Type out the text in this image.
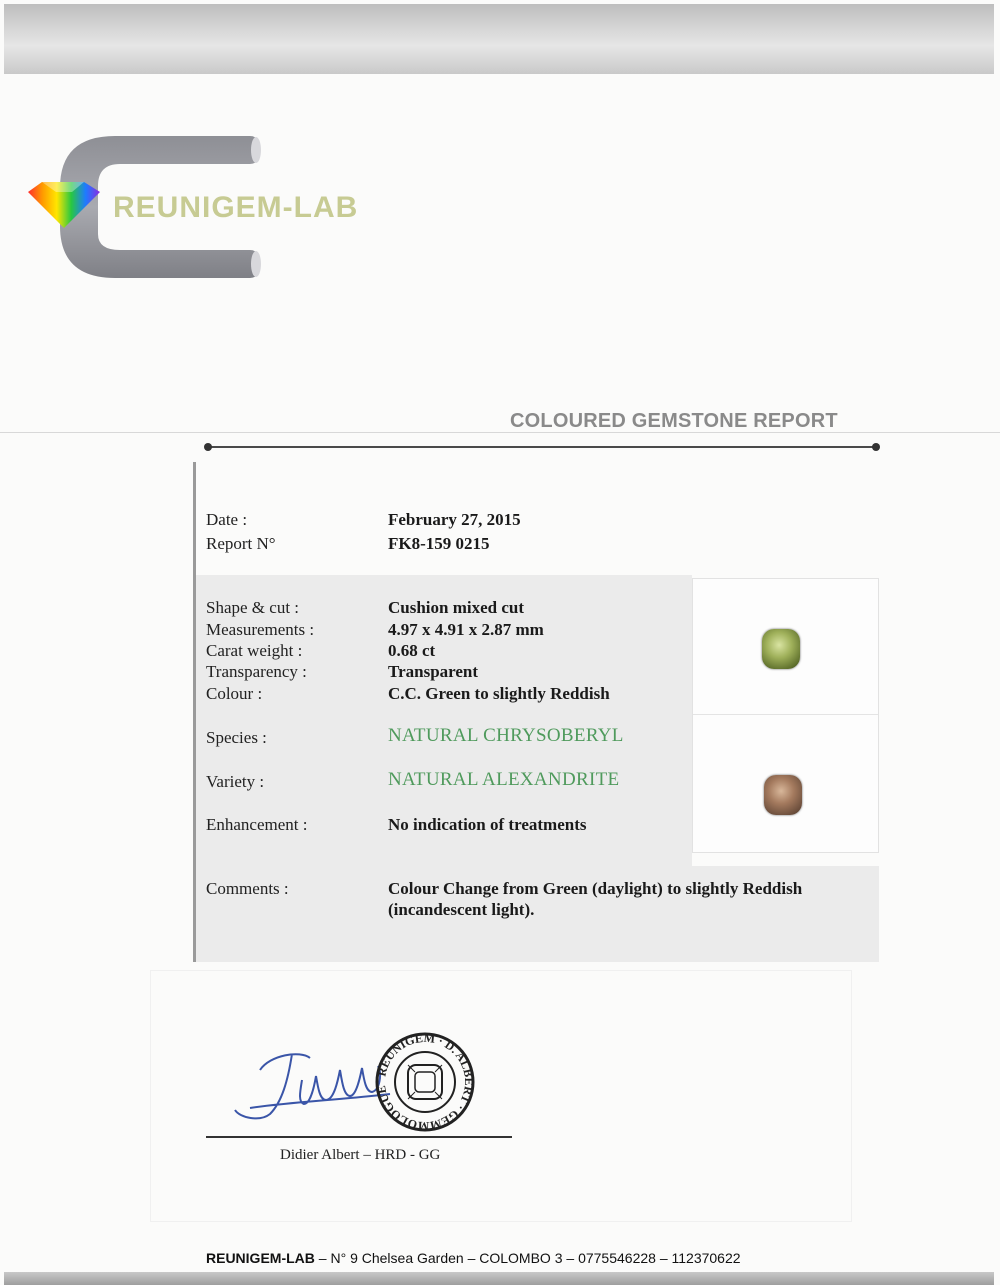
REUNIGEM-LAB
COLOURED GEMSTONE REPORT
Date :	February 27, 2015
Report N°	FK8-159 0215
Shape & cut :	Cushion mixed cut
Measurements :	4.97 x 4.91 x 2.87 mm
Carat weight :	0.68 ct
Transparency :	Transparent
Colour :	C.C. Green to slightly Reddish
Species :	NATURAL CHRYSOBERYL
Variety :	NATURAL ALEXANDRITE
Enhancement :	No indication of treatments
Comments :	Colour Change from Green (daylight) to slightly Reddish
(incandescent light).
REUNIGEM · D. ALBERT · GEMMOLOGUE
Didier Albert – HRD - GG
REUNIGEM-LAB – N° 9 Chelsea Garden – COLOMBO 3 – 0775546228 – 112370622
